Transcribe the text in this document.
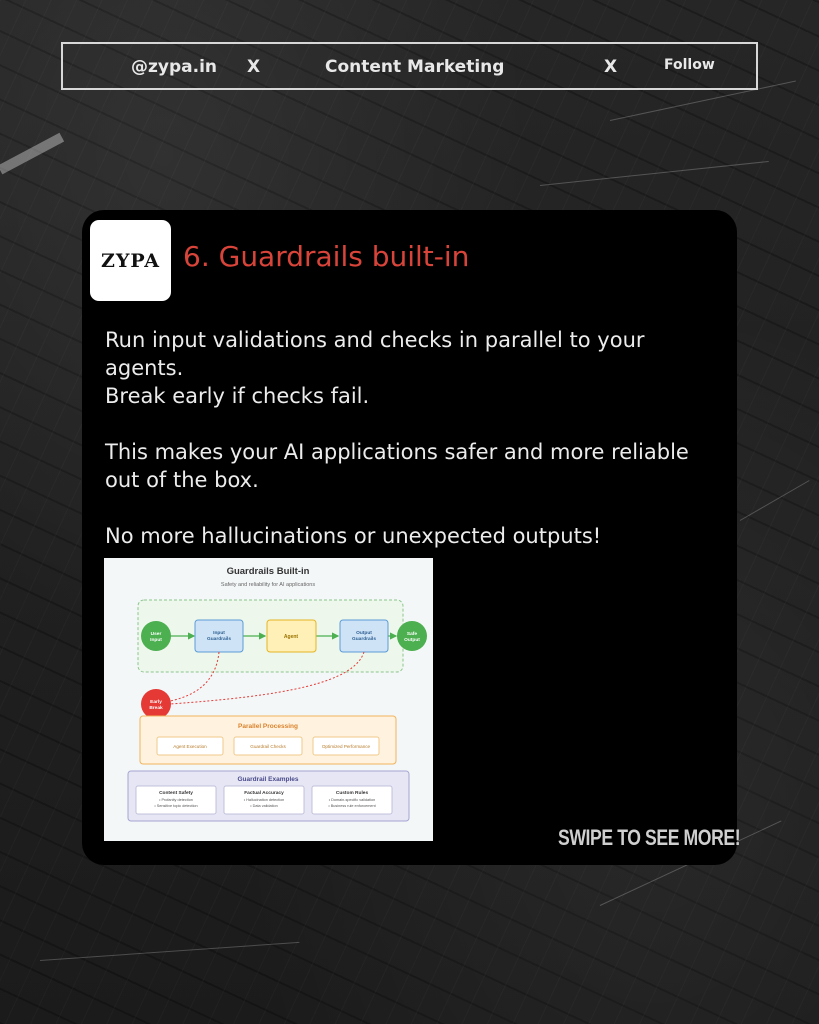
@zypa.in X	Content Marketing	X	Follow
ZYPA 6. Guardrails built-in

Run input validations and checks in parallel to your agents.

Break early if checks fail.

This makes your AI applications safer and more reliable out of the box.

No more hallucinations or unexpected outputs!

Guardrails Built-in
Safety and reliability for AI applications
User
Input
Input
Guardrails	Agent
Output
Guardrails
Safe
Output
Early
Break
Parallel Processing
Agent Execution	Guardrail Checks	Optimized Performance
Guardrail Examples
Content Safety
• Profanity detection
• Sensitive topic detection
Factual Accuracy
• Hallucination detection
• Data validation
Custom Rules
• Domain-specific validation
• Business rule enforcement
SWIPE TO SEE MORE!
